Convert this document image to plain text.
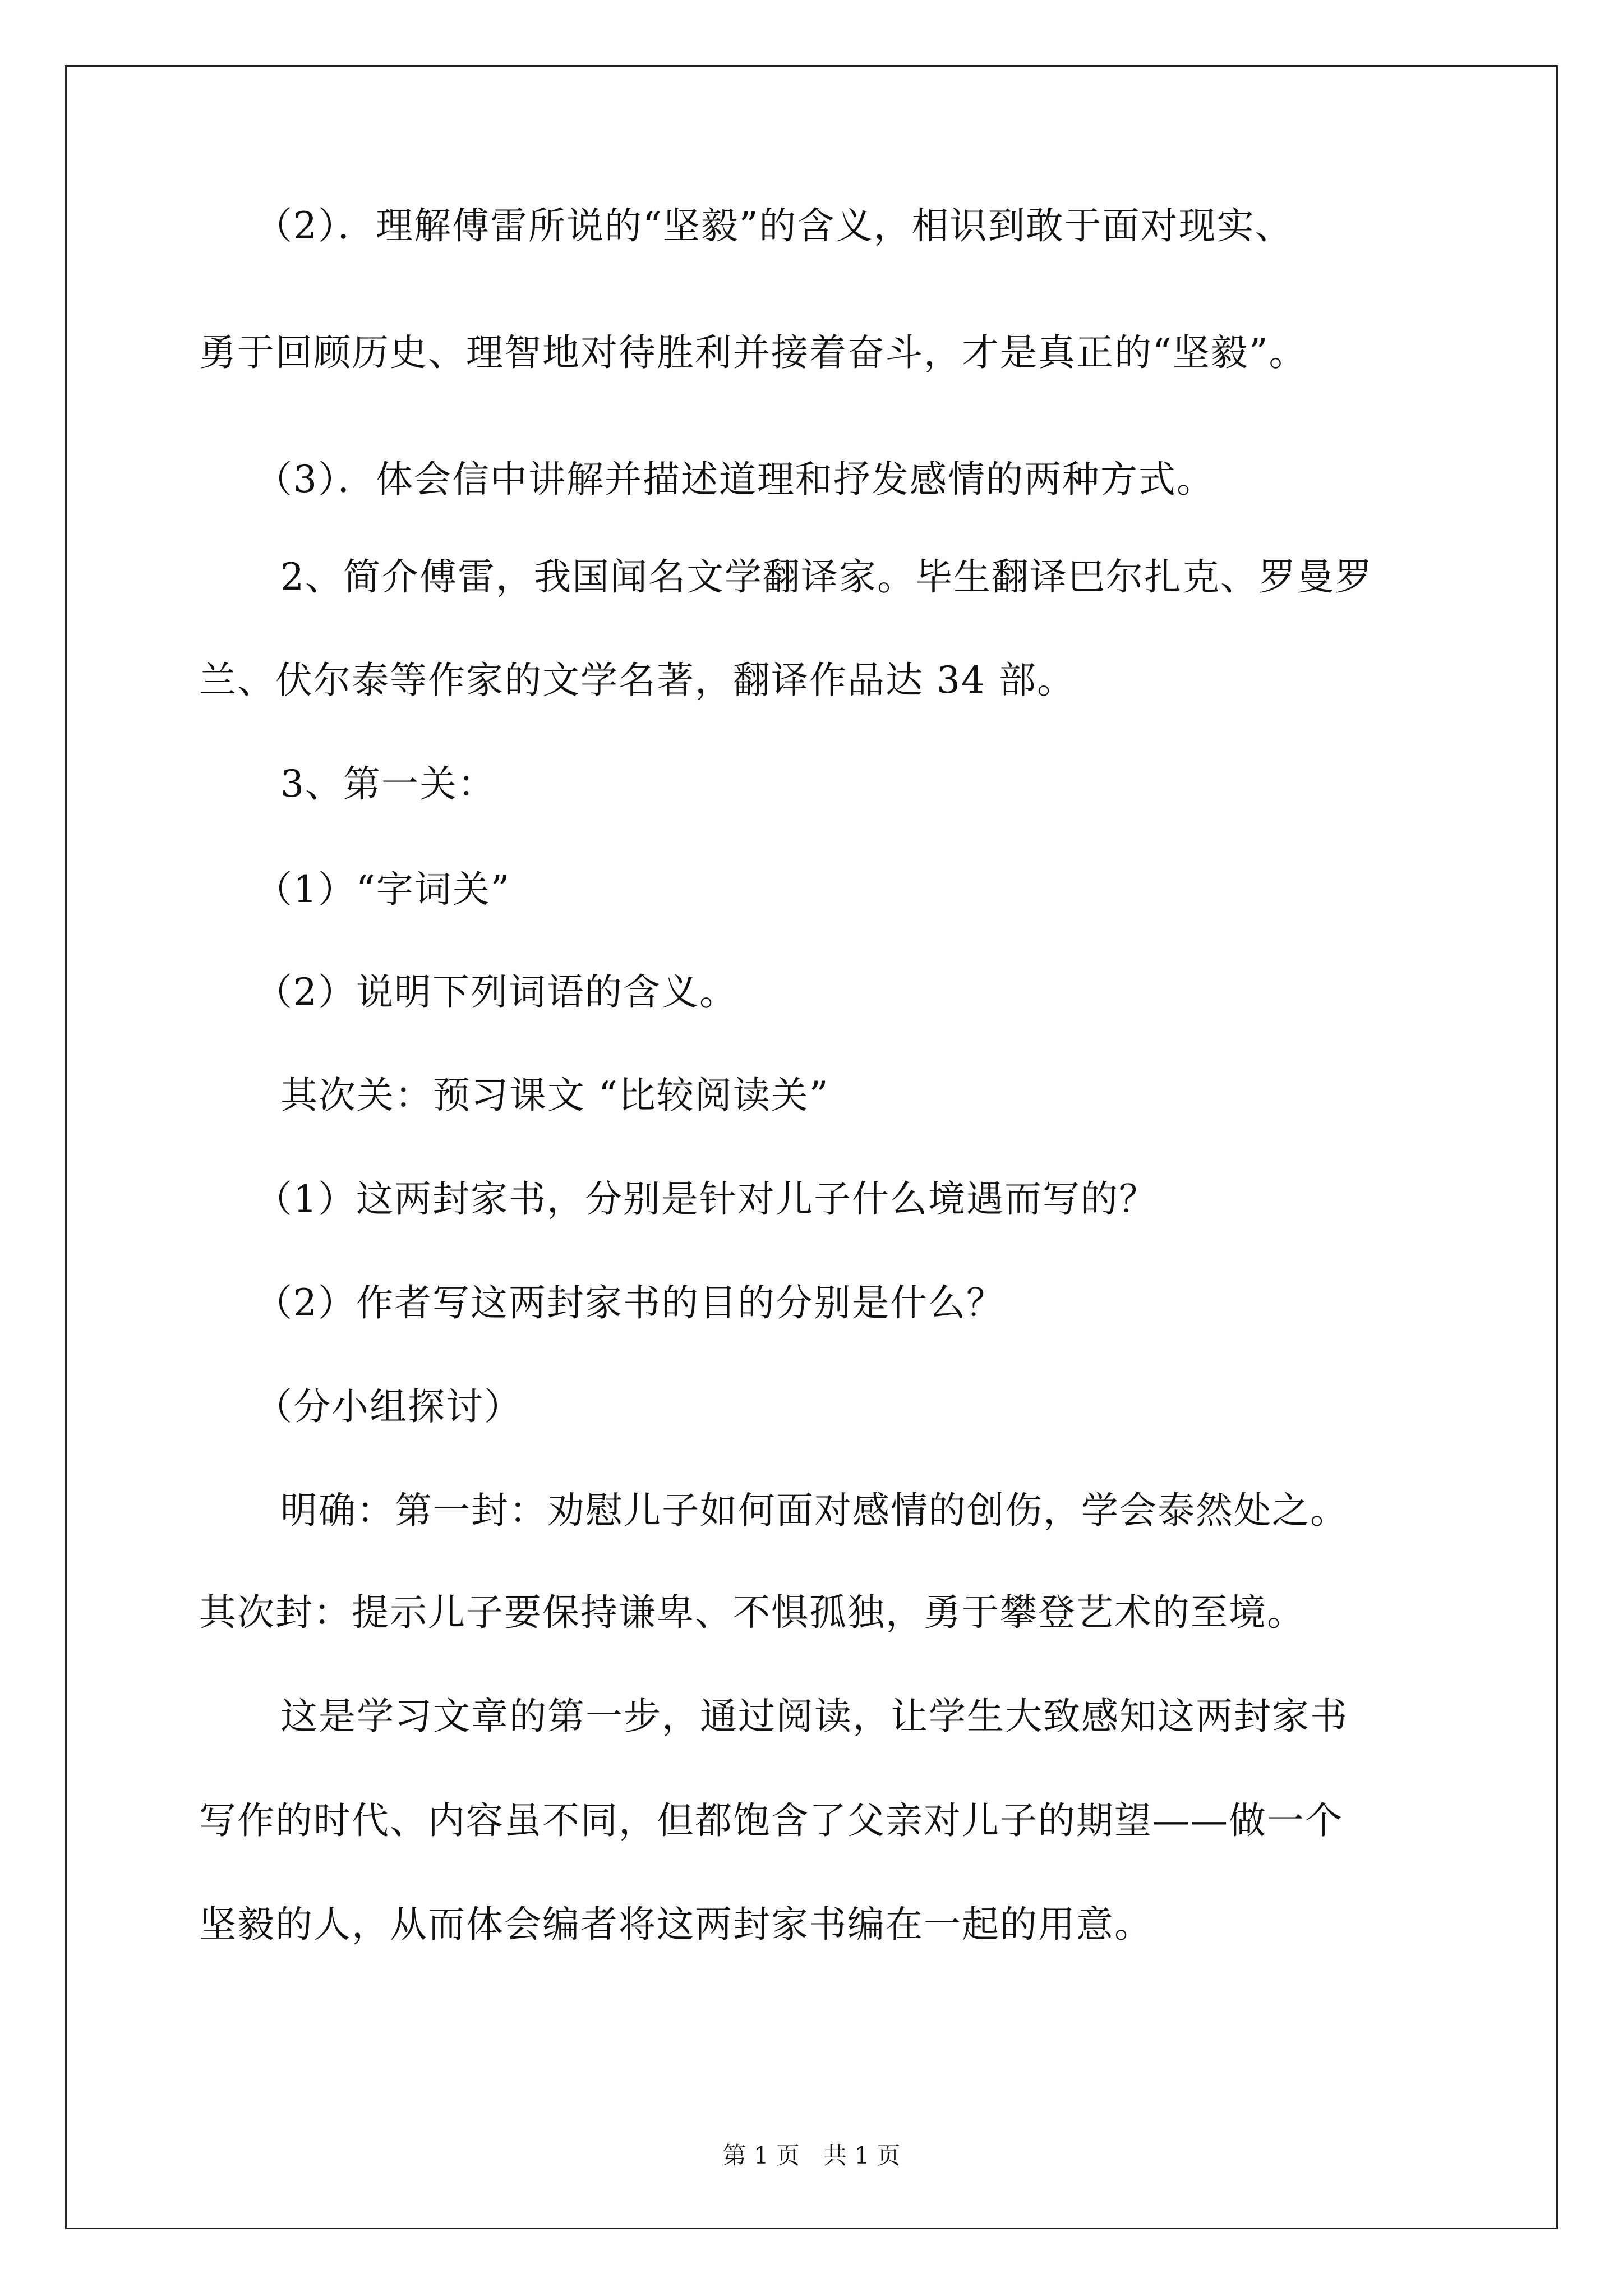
（2）．理解傅雷所说的“坚毅”的含义，相识到敢于面对现实、
勇于回顾历史、理智地对待胜利并接着奋斗，才是真正的“坚毅”。
（3）．体会信中讲解并描述道理和抒发感情的两种方式。
2、简介傅雷，我国闻名文学翻译家。毕生翻译巴尔扎克、罗曼罗
兰、伏尔泰等作家的文学名著，翻译作品达 34 部。
3、第一关：
（1）“字词关”
（2）说明下列词语的含义。
其次关：预习课文 “比较阅读关”
（1）这两封家书，分别是针对儿子什么境遇而写的？
（2）作者写这两封家书的目的分别是什么？
（分小组探讨）
明确：第一封：劝慰儿子如何面对感情的创伤，学会泰然处之。
其次封：提示儿子要保持谦卑、不惧孤独，勇于攀登艺术的至境。
这是学习文章的第一步，通过阅读，让学生大致感知这两封家书
写作的时代、内容虽不同，但都饱含了父亲对儿子的期望——做一个
坚毅的人，从而体会编者将这两封家书编在一起的用意。
第 1 页　共 1 页
